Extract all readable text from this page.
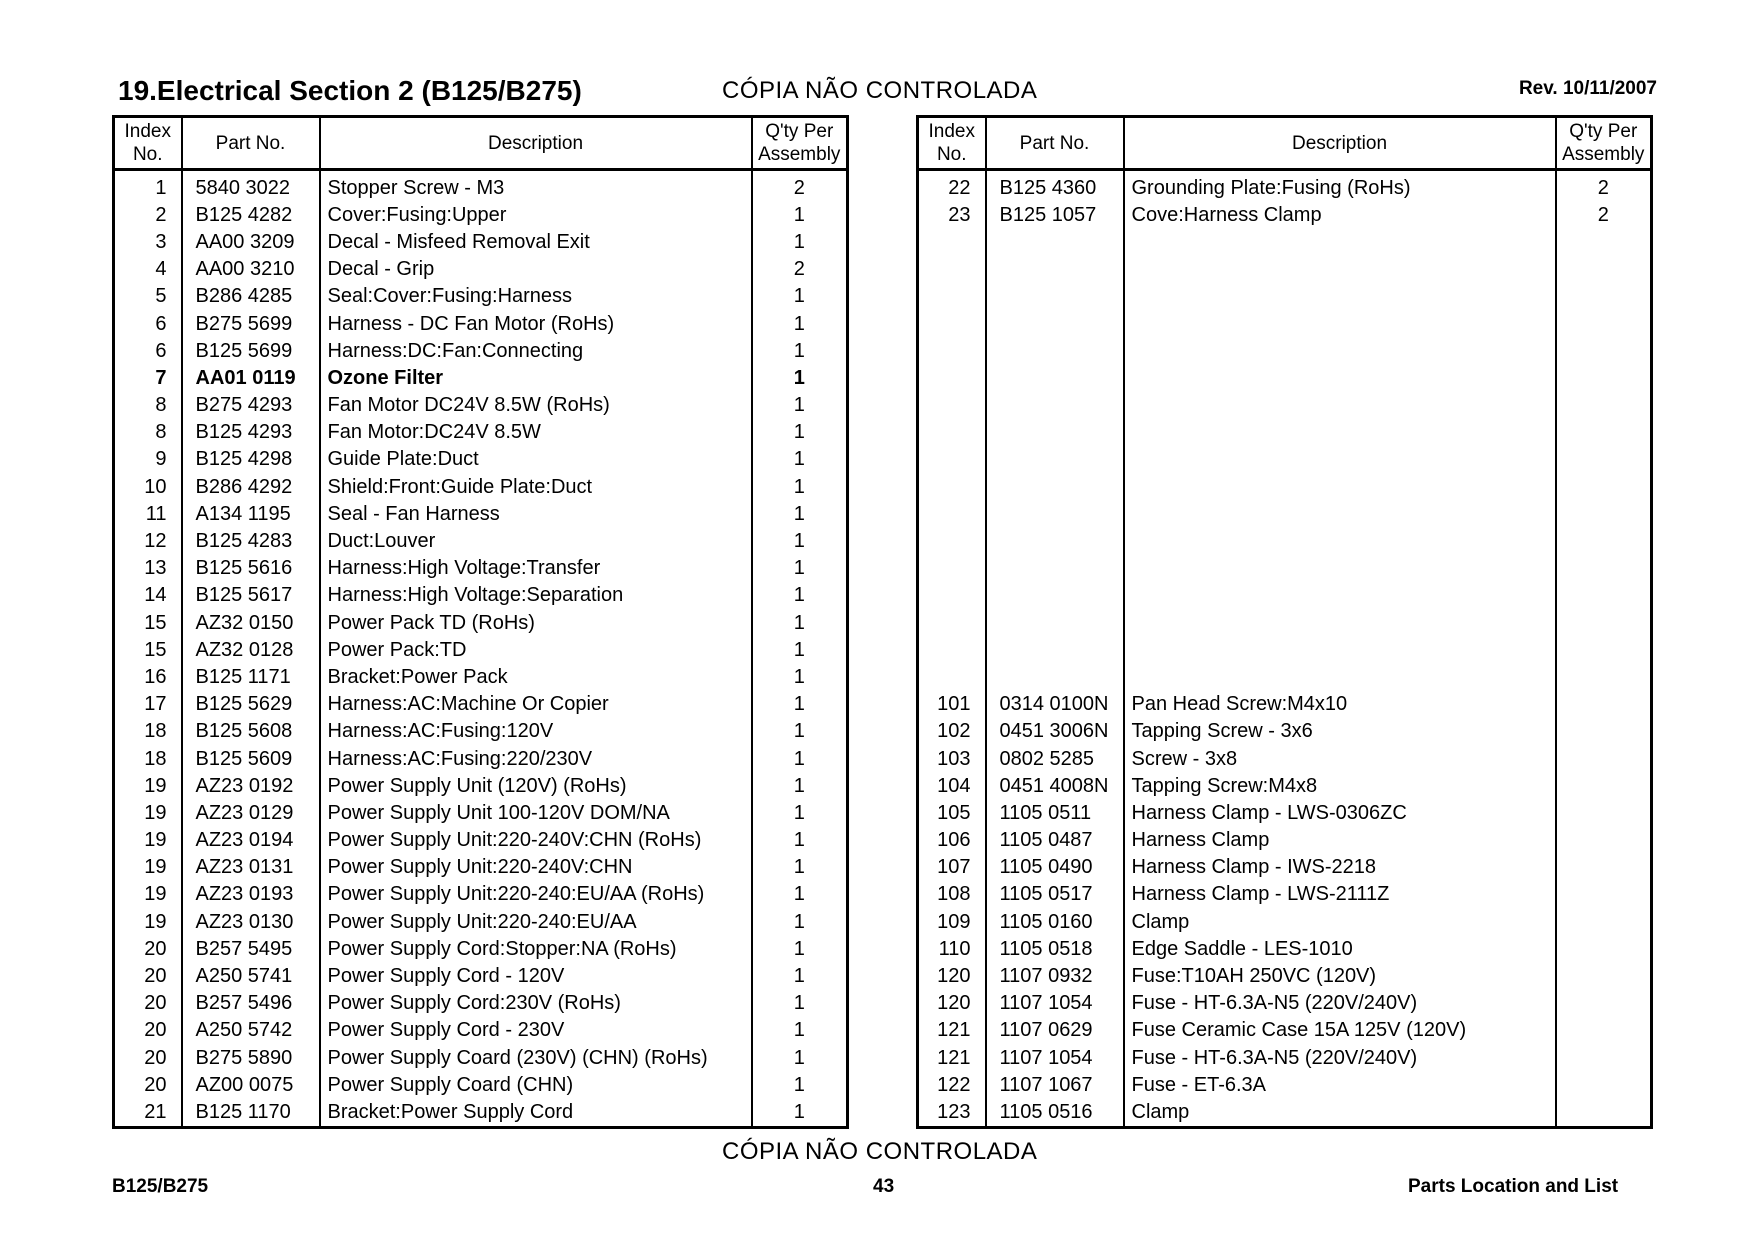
19.Electrical Section 2 (B125/B275)	CÓPIA NÃO CONTROLADA	Rev. 10/11/2007
Index
No.	Part No.	Description	Q'ty Per
Assembly
1	5840 3022	Stopper Screw - M3	2
2	B125 4282	Cover:Fusing:Upper	1
3	AA00 3209	Decal - Misfeed Removal Exit	1
4	AA00 3210	Decal - Grip	2
5	B286 4285	Seal:Cover:Fusing:Harness	1
6	B275 5699	Harness - DC Fan Motor (RoHs)	1
6	B125 5699	Harness:DC:Fan:Connecting	1
7	AA01 0119	Ozone Filter	1
8	B275 4293	Fan Motor DC24V 8.5W (RoHs)	1
8	B125 4293	Fan Motor:DC24V 8.5W	1
9	B125 4298	Guide Plate:Duct	1
10	B286 4292	Shield:Front:Guide Plate:Duct	1
11	A134 1195	Seal - Fan Harness	1
12	B125 4283	Duct:Louver	1
13	B125 5616	Harness:High Voltage:Transfer	1
14	B125 5617	Harness:High Voltage:Separation	1
15	AZ32 0150	Power Pack TD (RoHs)	1
15	AZ32 0128	Power Pack:TD	1
16	B125 1171	Bracket:Power Pack	1
17	B125 5629	Harness:AC:Machine Or Copier	1
18	B125 5608	Harness:AC:Fusing:120V	1
18	B125 5609	Harness:AC:Fusing:220/230V	1
19	AZ23 0192	Power Supply Unit (120V) (RoHs)	1
19	AZ23 0129	Power Supply Unit 100-120V DOM/NA	1
19	AZ23 0194	Power Supply Unit:220-240V:CHN (RoHs)	1
19	AZ23 0131	Power Supply Unit:220-240V:CHN	1
19	AZ23 0193	Power Supply Unit:220-240:EU/AA (RoHs)	1
19	AZ23 0130	Power Supply Unit:220-240:EU/AA	1
20	B257 5495	Power Supply Cord:Stopper:NA (RoHs)	1
20	A250 5741	Power Supply Cord - 120V	1
20	B257 5496	Power Supply Cord:230V (RoHs)	1
20	A250 5742	Power Supply Cord - 230V	1
20	B275 5890	Power Supply Coard (230V) (CHN) (RoHs)	1
20	AZ00 0075	Power Supply Coard (CHN)	1
21	B125 1170	Bracket:Power Supply Cord	1
Index
No.	Part No.	Description	Q'ty Per
Assembly
22	B125 4360	Grounding Plate:Fusing (RoHs)	2
23	B125 1057	Cove:Harness Clamp	2

101	0314 0100N	Pan Head Screw:M4x10	
102	0451 3006N	Tapping Screw - 3x6	
103	0802 5285	Screw - 3x8	
104	0451 4008N	Tapping Screw:M4x8	
105	1105 0511	Harness Clamp - LWS-0306ZC	
106	1105 0487	Harness Clamp	
107	1105 0490	Harness Clamp - IWS-2218	
108	1105 0517	Harness Clamp - LWS-2111Z	
109	1105 0160	Clamp	
110	1105 0518	Edge Saddle - LES-1010	
120	1107 0932	Fuse:T10AH 250VC (120V)	
120	1107 1054	Fuse - HT-6.3A-N5 (220V/240V)	
121	1107 0629	Fuse Ceramic Case 15A 125V (120V)	
121	1107 1054	Fuse - HT-6.3A-N5 (220V/240V)	
122	1107 1067	Fuse - ET-6.3A	
123	1105 0516	Clamp	
CÓPIA NÃO CONTROLADA
B125/B275	43	Parts Location and List
